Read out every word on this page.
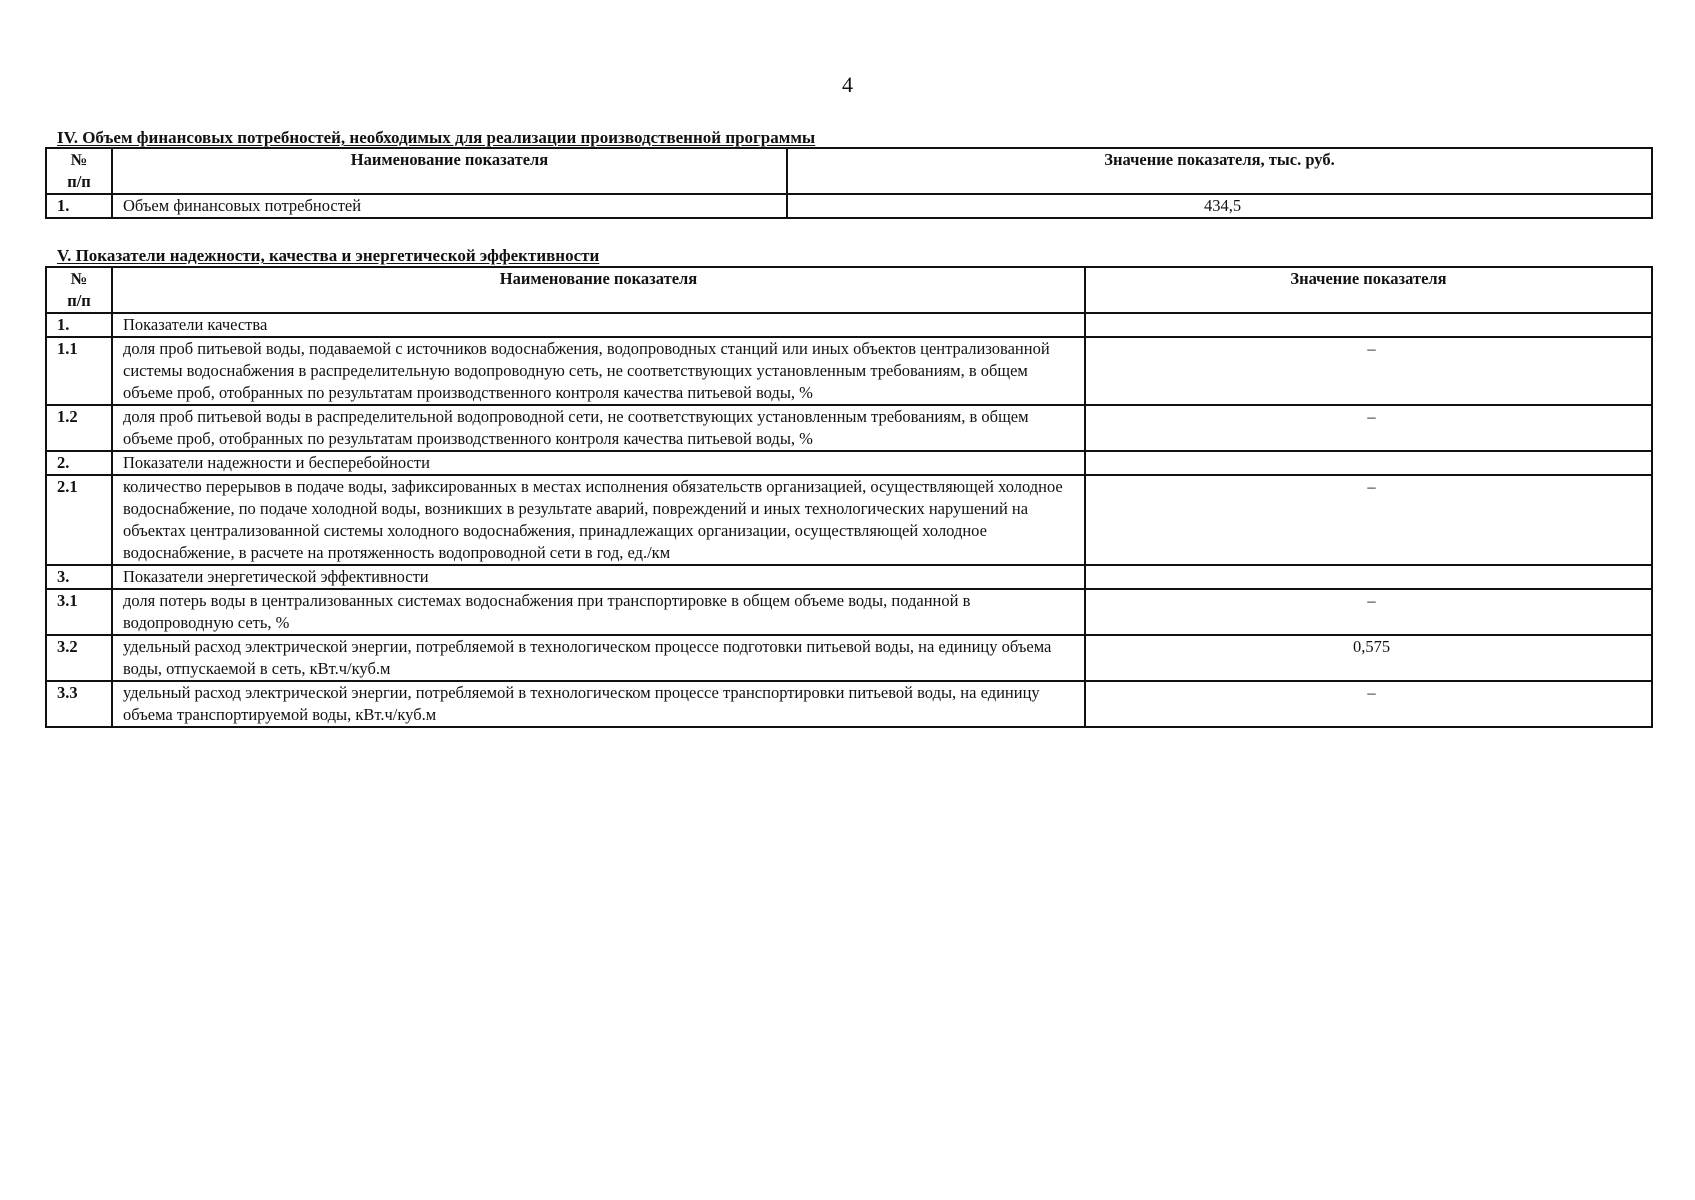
4
IV. Объем финансовых потребностей, необходимых для реализации производственной программы
№
п/п	Наименование показателя	Значение показателя, тыс. руб.
1.	Объем финансовых потребностей	434,5
V. Показатели надежности, качества и энергетической эффективности
№
п/п	Наименование показателя	Значение показателя
1.	Показатели качества	
1.1	доля проб питьевой воды, подаваемой с источников водоснабжения, водопроводных станций или иных объектов централизованной системы водоснабжения в распределительную водопроводную сеть, не соответствующих установленным требованиям, в общем объеме проб, отобранных по результатам производственного контроля качества питьевой воды, %	–
1.2	доля проб питьевой воды в распределительной водопроводной сети, не соответствующих установленным требованиям, в общем объеме проб, отобранных по результатам производственного контроля качества питьевой воды, %	–
2.	Показатели надежности и бесперебойности	
2.1	количество перерывов в подаче воды, зафиксированных в местах исполнения обязательств организацией, осуществляющей холодное водоснабжение, по подаче холодной воды, возникших в результате аварий, повреждений и иных технологических нарушений на объектах централизованной системы холодного водоснабжения, принадлежащих организации, осуществляющей холодное водоснабжение, в расчете на протяженность водопроводной сети в год, ед./км	–
3.	Показатели энергетической эффективности	
3.1	доля потерь воды в централизованных системах водоснабжения при транспортировке в общем объеме воды, поданной в водопроводную сеть, %	–
3.2	удельный расход электрической энергии, потребляемой в технологическом процессе подготовки питьевой воды, на единицу объема воды, отпускаемой в сеть, кВт.ч/куб.м	0,575
3.3	удельный расход электрической энергии, потребляемой в технологическом процессе транспортировки питьевой воды, на единицу объема транспортируемой воды, кВт.ч/куб.м	–
